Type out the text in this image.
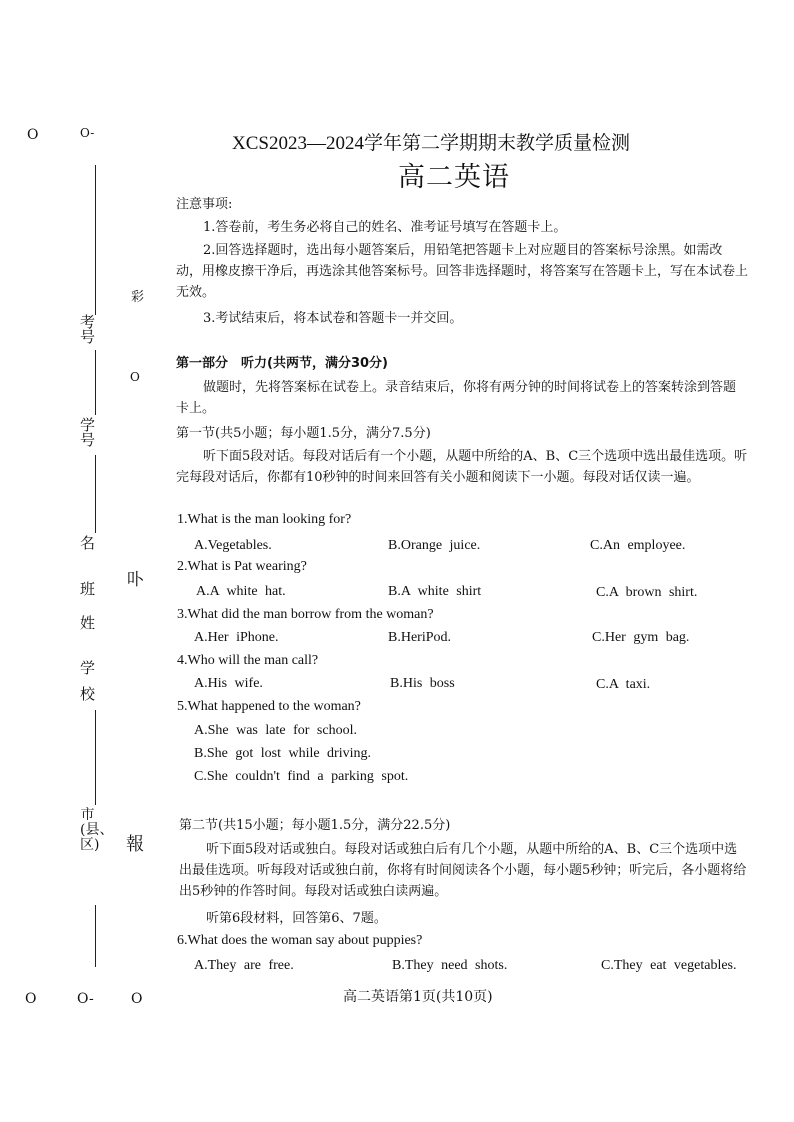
O	O-
考号
学号
名
班　姓
学校
市(县、区)
彩
O
卟
報
O	O-	O
XCS2023—2024学年第二学期期末教学质量检测
高二英语
注意事项:
1.答卷前，考生务必将自己的姓名、准考证号填写在答题卡上。
2.回答选择题时，选出每小题答案后，用铅笔把答题卡上对应题目的答案标号涂黑。如需改动，用橡皮擦干净后，再选涂其他答案标号。回答非选择题时，将答案写在答题卡上，写在本试卷上无效。
3.考试结束后，将本试卷和答题卡一并交回。
第一部分　听力(共两节，满分30分)
做题时，先将答案标在试卷上。录音结束后，你将有两分钟的时间将试卷上的答案转涂到答题卡上。
第一节(共5小题；每小题1.5分，满分7.5分)
听下面5段对话。每段对话后有一个小题，从题中所给的A、B、C三个选项中选出最佳选项。听完每段对话后，你都有10秒钟的时间来回答有关小题和阅读下一小题。每段对话仅读一遍。
1.What is the man looking for?
A.Vegetables.	B.Orange juice.	C.An employee.
2.What is Pat wearing?
A.A white hat.	B.A white shirt	C.A brown shirt.
3.What did the man borrow from the woman?
A.Her iPhone.	B.HeriPod.	C.Her gym bag.
4.Who will the man call?
A.His wife.	B.His boss	C.A taxi.
5.What happened to the woman?
A.She was late for school.
B.She got lost while driving.
C.She couldn't find a parking spot.
第二节(共15小题；每小题1.5分，满分22.5分)
听下面5段对话或独白。每段对话或独白后有几个小题，从题中所给的A、B、C三个选项中选出最佳选项。听每段对话或独白前，你将有时间阅读各个小题，每小题5秒钟；听完后，各小题将给出5秒钟的作答时间。每段对话或独白读两遍。
听第6段材料，回答第6、7题。
6.What does the woman say about puppies?
A.They are free.	B.They need shots.	C.They eat vegetables.
高二英语第1页(共10页)
